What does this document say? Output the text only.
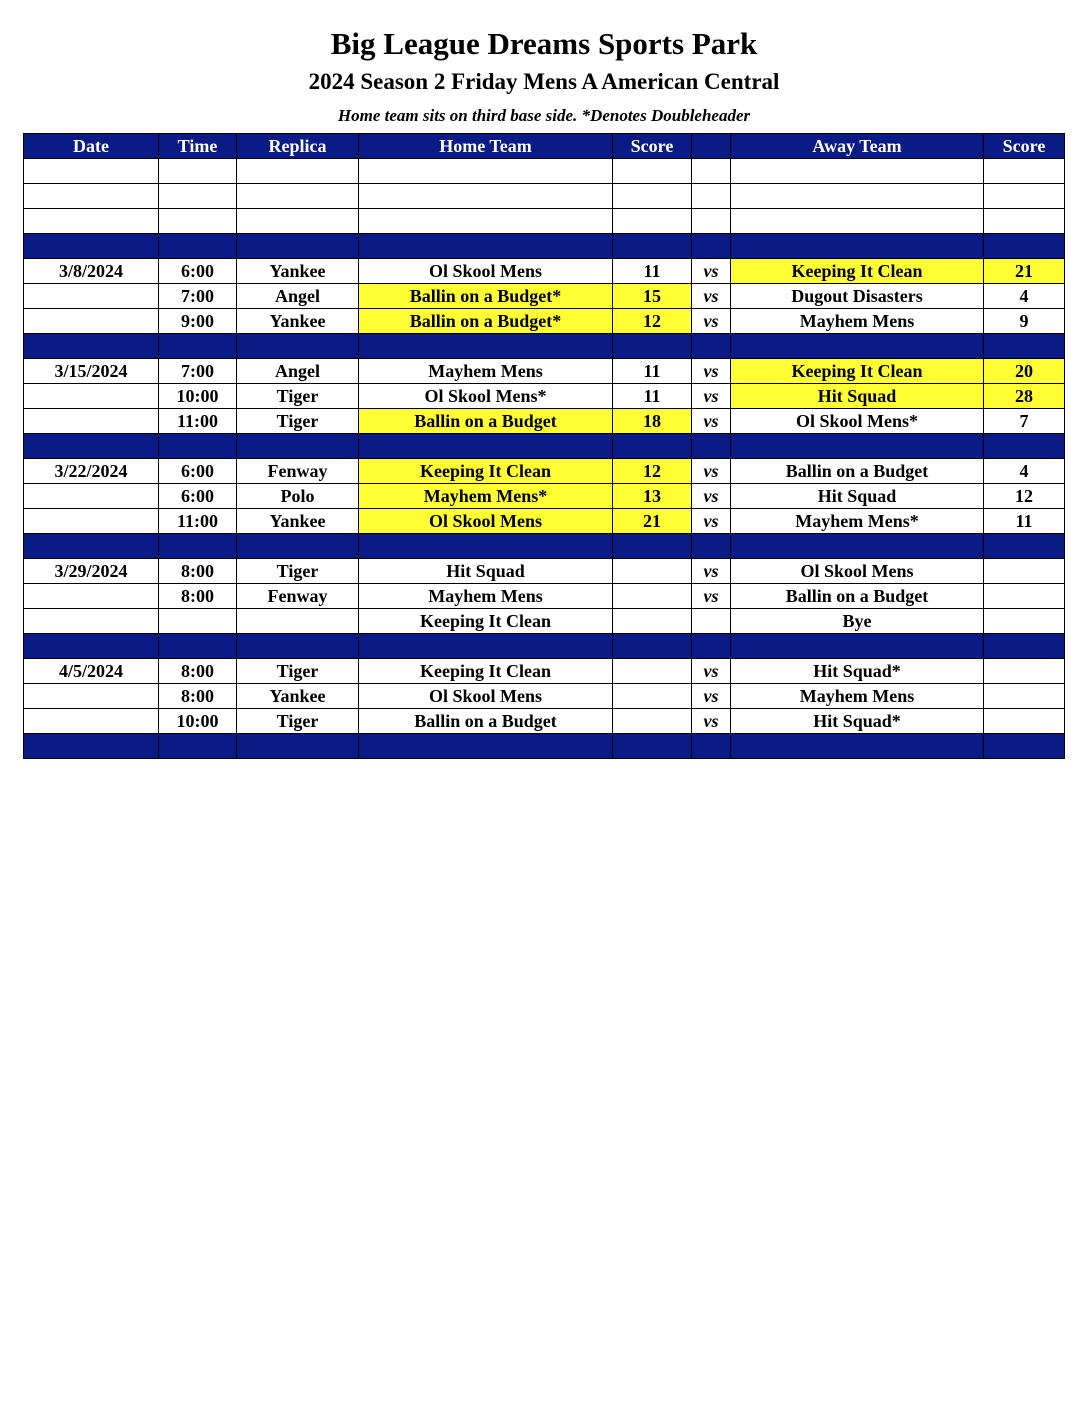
Big League Dreams Sports Park
2024 Season 2 Friday Mens A American Central
Home team sits on third base side. *Denotes Doubleheader
Date	Time	Replica	Home Team	Score		Away Team	Score

3/8/2024	6:00	Yankee	Ol Skool Mens	11	vs	Keeping It Clean	21
	7:00	Angel	Ballin on a Budget*	15	vs	Dugout Disasters	4
	9:00	Yankee	Ballin on a Budget*	12	vs	Mayhem Mens	9

3/15/2024	7:00	Angel	Mayhem Mens	11	vs	Keeping It Clean	20
	10:00	Tiger	Ol Skool Mens*	11	vs	Hit Squad	28
	11:00	Tiger	Ballin on a Budget	18	vs	Ol Skool Mens*	7

3/22/2024	6:00	Fenway	Keeping It Clean	12	vs	Ballin on a Budget	4
	6:00	Polo	Mayhem Mens*	13	vs	Hit Squad	12
	11:00	Yankee	Ol Skool Mens	21	vs	Mayhem Mens*	11

3/29/2024	8:00	Tiger	Hit Squad		vs	Ol Skool Mens	
	8:00	Fenway	Mayhem Mens		vs	Ballin on a Budget	
			Keeping It Clean			Bye	

4/5/2024	8:00	Tiger	Keeping It Clean		vs	Hit Squad*	
	8:00	Yankee	Ol Skool Mens		vs	Mayhem Mens	
	10:00	Tiger	Ballin on a Budget		vs	Hit Squad*	
